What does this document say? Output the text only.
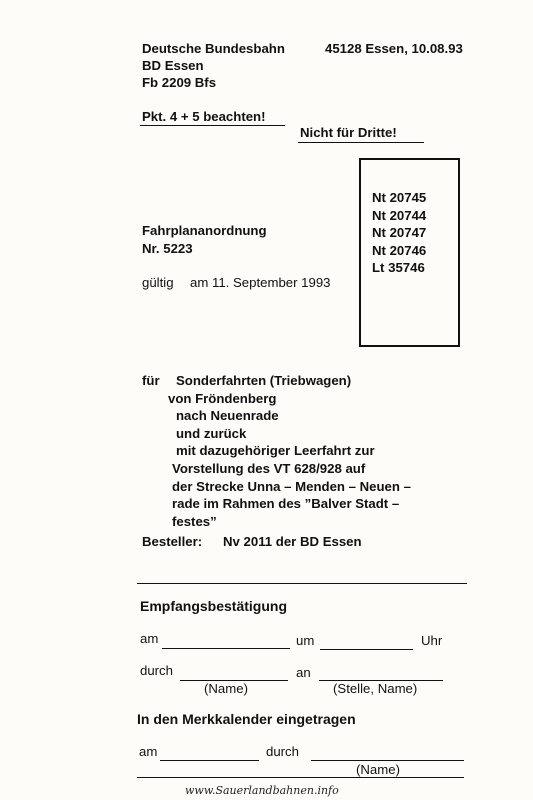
Deutsche Bundesbahn
BD Essen
Fb 2209 Bfs
45128 Essen, 10.08.93
Pkt. 4 + 5 beachten!
Nicht für Dritte!
Nt 20745
Nt 20744
Nt 20747
Nt 20746
Lt 35746
Fahrplananordnung
Nr. 5223
gültig am 11. September 1993
für Sonderfahrten (Triebwagen)
von Fröndenberg
nach Neuenrade
und zurück
mit dazugehöriger Leerfahrt zur
Vorstellung des VT 628/928 auf
der Strecke Unna – Menden – Neuen –
rade im Rahmen des ”Balver Stadt –
festes”
Besteller: Nv 2011 der BD Essen
Empfangsbestätigung
am	um	Uhr
durch
(Name)
an
(Stelle, Name)
In den Merkkalender eingetragen
am	durch
(Name)
www.Sauerlandbahnen.info
